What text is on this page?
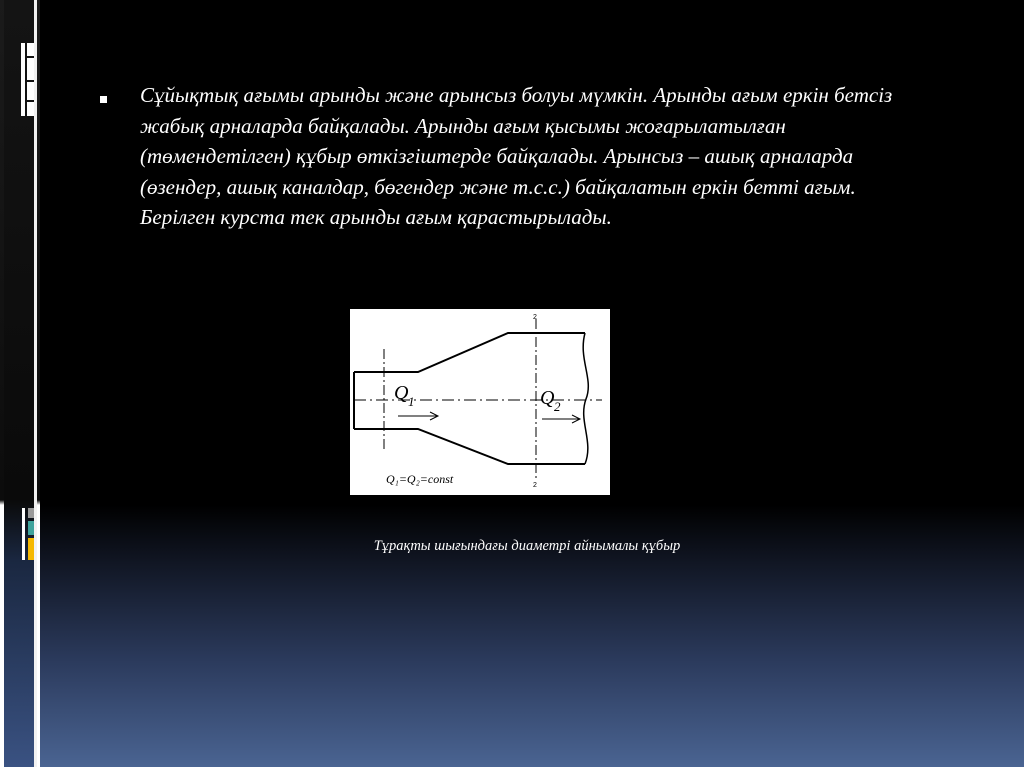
Сұйықтық ағымы арынды және арынсыз болуы мүмкін. Арынды ағым еркін бетсіз жабық арналарда байқалады. Арынды ағым қысымы жоғарылатылған (төмендетілген) құбыр өткізгіштерде байқалады. Арынсыз – ашық арналарда (өзендер, ашық каналдар, бөгендер және т.с.с.) байқалатын еркін бетті ағым. Берілген курста тек арынды ағым қарастырылады.
Q 1	Q 2
2
2
Q₁=Q₂=const
Тұрақты шығындағы диаметрі айнымалы құбыр
